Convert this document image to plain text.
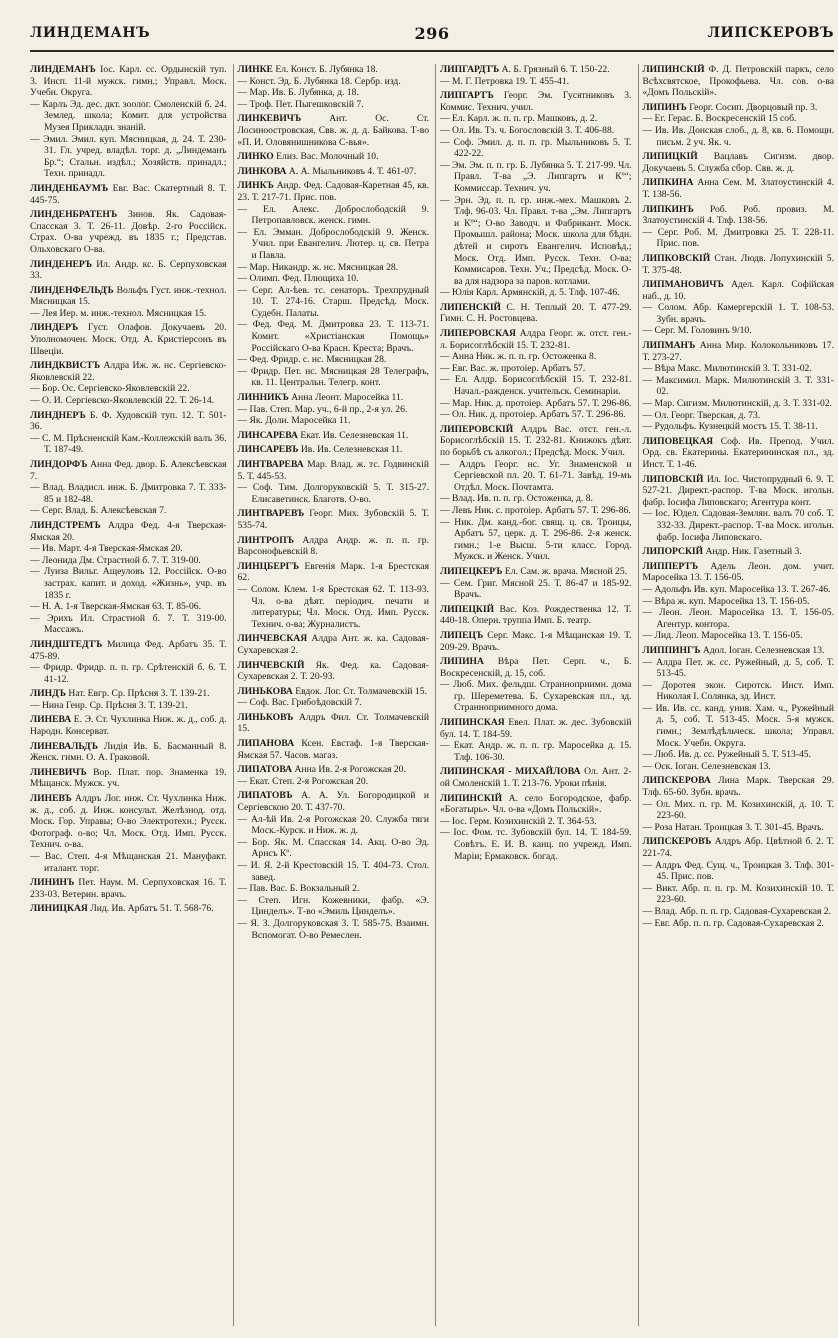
ЛИНДЕМАНЪ	296	ЛИПСКЕРОВЪ
ЛИНДЕМАНЪ Іос. Карл. сс. Ордынскій туп. 3. Инсп. 11-й мужск. гимн.; Управл. Моск. Учебн. Округа.
— Карлъ Эд. дес. дкт. зоолог. Смоленскій б. 24. Землед. школа; Комит. для устройства Музея Прикладн. знаній.
— Эмил. Эмил. куп. Мясницкая, д. 24. Т. 230-31. Гл. учред. владѣл. торг. д. „Линдеманъ Бр.“; Стальн. издѣл.; Хозяйств. принадл.; Техн. принадл.
ЛИНДЕНБАУМЪ Евг. Вас. Скатертный 8. Т. 445-75.
ЛИНДЕНБРАТЕНЪ Зинов. Як. Садовая-Спасская 3. Т. 26-11. Довѣр. 2-го Россійск. Страх. О-ва учрежд. въ 1835 г.; Представ. Ольховскаго О-ва.
ЛИНДЕНЕРЪ Ил. Андр. кс. Б. Серпуховская 33.
ЛИНДЕНФЕЛЬДЪ Вольфъ Густ. инж.-технол. Мясницкая 15.
— Лея Иер. м. инж.-технол. Мясницкая 15.
ЛИНДЕРЪ Густ. Олафов. Докучаевъ 20. Уполномочен. Моск. Отд. А. Кристіерсонъ въ Швеціи.
ЛИНДКВИСТЪ Алдра Иж. ж. нс. Сергіевско-Яковлевскій 22.
— Бор. Ос. Сергіевско-Яковлевскій 22.
— О. И. Сергіевско-Яковлевскій 22. Т. 26-14.
ЛИНДНЕРЪ Б. Ф. Худовскій туп. 12. Т. 501-36.
— С. М. Прѣсненскій Кам.-Коллежскій валъ 36. Т. 187-49.
ЛИНДОРФЪ Анна Фед. двор. Б. Алексѣевская 7.
— Влад. Владисл. инж. Б. Дмитровка 7. Т. 333-85 и 182-48.
— Серг. Влад. Б. Алексѣевская 7.
ЛИНДСТРЕМЪ Алдра Фед. 4-я Тверская-Ямская 20.
— Ив. Март. 4-я Тверская-Ямская 20.
— Леонида Дм. Страстной б. 7. Т. 319-00.
— Луиза Вильг. Ащеуловъ 12. Россійск. О-во застрах. капит. и доход. «Жизнь», учр. въ 1835 г.
— Н. А. 1-я Тверская-Ямская 63. Т. 85-06.
— Эрихъ Ил. Страстной б. 7. Т. 319-00. Массажъ.
ЛИНДШТЕДТЪ Милица Фед. Арбатъ 35. Т. 475-89.
— Фридр. Фридр. п. п. гр. Срѣтенскій б. 6. Т. 41-12.
ЛИНДЪ Нат. Евгр. Ср. Прѣсня 3. Т. 139-21.
— Нина Генр. Ср. Прѣсня 3. Т. 139-21.
ЛИНЕВА Е. Э. Ст. Чухлинка Ниж. ж. д., соб. д. Народн. Консерват.
ЛИНЕВАЛЬДЪ Лидія Ив. Б. Басманный 8. Женск. гимн. О. А. Граковой.
ЛИНЕВИЧЪ Вор. Плат. пор. Знаменка 19. Мѣщанск. Мужск. уч.
ЛИНЕВЪ Алдръ Лог. инж. Ст. Чухлинка Ниж. ж. д., соб. д. Инж. консульт. Желѣзнод. отд. Моск. Гор. Управы; О-во Электротехн.; Русск. Фотограф. о-во; Чл. Моск. Отд. Имп. Русск. Технич. о-ва.
— Вас. Степ. 4-я Мѣщанская 21. Мануфакт. италант. торг.
ЛИНИНЪ Пет. Наум. М. Серпуховская 16. Т. 233-03. Ветерин. врачъ.
ЛИНИЦКАЯ Лид. Ив. Арбатъ 51. Т. 568-76.
ЛИНКЕ Ел. Конст. Б. Лубянка 18.
— Конст. Эд. Б. Лубянка 18. Сербр. изд.
— Мар. Ив. Б. Лубянка, д. 18.
— Троф. Пет. Пыгешковскій 7.
ЛИНКЕВИЧЪ	Ант. Ос. Ст. Лосиноостровская, Свв. ж. д. д. Байкова. Т-во «П. И. Оловянишникова С-вья».
ЛИНКО Елиз. Вас. Молочный 10.
ЛИНКОВА А. А. Мыльниковъ 4. Т. 461-07.
ЛИНКЪ Андр. Фед. Садовая-Каретная 45, кв. 23. Т. 217-71. Прис. пов.
— Ел. Алекс. Доброслободскій 9. Петропавловск. женск. гимн.
— Ел. Эмман. Доброслободскій 9. Женск. Учил. при Евангелич. Лютер. ц. св. Петра и Павла.
— Мар. Никандр. ж. нс. Мясницкая 28.
— Олимп. Фед. Плющиха 10.
— Серг. Ал-ѣев. тс. сенаторъ. Трехпрудный 10. Т. 274-16. Старш. Предсѣд. Моск. Судебн. Палаты.
— Фед. Фед. М. Дмитровка 23. Т. 113-71. Комит. «Христіанская Помощь» Россійскаго О-ва Красн. Креста; Врачъ.
— Фед. Фридр. с. нс. Мясницкая 28.
— Фридр. Пет. нс. Мясницкая 28 Телеграфъ, кв. 11. Центральн. Телегр. конт.
ЛИННИКЪ Анна Леонт. Маросейка 11.
— Пав. Степ. Мар. уч., 6-й пр., 2-я ул. 26.
— Як. Доли. Маросейка 11.
ЛИНСАРЕВА Екат. Ив. Селезневская 11.
ЛИНСАРЕВЪ Ив. Ив. Селезневская 11.
ЛИНТВАРЕВА Мар. Влад. ж. тс. Годвинскій 5. Т. 445-53.
— Соф. Тим. Долгоруковскій 5. Т. 315-27. Елисаветинск. Благотв. О-во.
ЛИНТВАРЕВЪ Георг. Мих. Зубовскій 5. Т. 535-74.
ЛИНТРОПЪ Алдра Андр. ж. п. п. гр. Варсонофьевскій 8.
ЛИНЦБЕРГЪ Евгенія Марк. 1-я Брестская 62.
— Солом. Клем. 1-я Брестская 62. Т. 113-93. Чл. о-ва дѣят. періодич. печати и литературы; Чл. Моск. Отд. Имп. Русск. Технич. о-ва; Журналистъ.
ЛИНЧЕВСКАЯ Алдра Ант. ж. ка. Садовая-Сухаревская 2.
ЛИНЧЕВСКІЙ Як. Фед. ка. Садовая-Сухаревская 2. Т. 20-93.
ЛИНЬКОВА Евдок. Лог. Ст. Толмачевскій 15.
— Соф. Вас. Грибоѣдовскій 7.
ЛИНЬКОВЪ Алдръ Фил. Ст. Толмачевскій 15.
ЛИПАНОВА Ксен. Евстаф. 1-я Тверская-Ямская 57. Часов. магаз.
ЛИПАТОВА Анна Ив. 2-я Рогожская 20.
— Екат. Степ. 2-я Рогожская 20.
ЛИПАТОВЪ А. А. Ул. Богородицкой и Сергіевскою 20. Т. 437-70.
— Ал-ѣй Ив. 2-я Рогожская 20. Служба тяги Моск.-Курск. и Ниж. ж. д.
— Бор. Як. М. Спасская 14. Акц. О-во Эд. Арнсъ Кº.
— И. Я. 2-й Крестовскій 15. Т. 404-73. Стол. завед.
— Пав. Вас. Б. Вокзальный 2.
— Степ. Игн. Кожевники, фабр. «Э. Цинделъ». Т-во «Эмиль Цинделъ».
— Я. З. Долгоруковская 3. Т. 585-75. Взаимн. Вспомогат. О-во Ремеслен.
ЛИПГАРДТЪ А. Б. Грязный 6. Т. 150-22.
— М. Г. Петровка 19. Т. 455-41.
ЛИПГАРТЪ Георг. Эм. Гусятниковъ 3. Коммис. Технич. учил.
— Ел. Карл. ж. п. п. гр. Машковъ, д. 2.
— Ол. Ив. Тз. ч. Богословскій 3. Т. 406-88.
— Соф. Эмил. д. п. п. гр. Мыльниковъ 5. Т. 422-22.
— Эм. Эм. п. п. гр. Б. Лубянка 5. Т. 217-99. Чл. Правл. Т-ва „Э. Липгартъ и Кº“; Коммиссар. Технич. уч.
— Эрн. Эд. п. п. гр. инж.-мех. Машковъ 2. Тлф. 96-03. Чл. Правл. т-ва „Эм. Липгартъ и Кº“; О-во Заводч. и Фабрикант. Моск. Промышл. района; Моск. школа для бѣдн. дѣтей и сиротъ Евангелич. Исповѣд.; Моск. Отд. Имп. Русск. Техн. О-ва; Коммисаров. Техн. Уч.; Предсѣд. Моск. О-ва для надзора за паров. котлами.
— Юлія Карл. Армянскій, д. 5. Тлф. 107-46.
ЛИПЕНСКІЙ С. Н. Теплый 20. Т. 477-29. Гимн. С. Н. Ростовцева.
ЛИПЕРОВСКАЯ Алдра Георг. ж. отст. ген.-л. Борисоглѣбскій 15. Т. 232-81.
— Анна Ник. ж. п. п. гр. Остоженка 8.
— Евг. Вас. ж. протоіер. Арбатъ 57.
— Ел. Алдр. Борисоглѣбскій 15. Т. 232-81. Начал.-ражденск. учительск. Семинаріи.
— Мар. Ник. д. протоіер. Арбатъ 57. Т. 296-86.
— Ол. Ник. д. протоіер. Арбатъ 57. Т. 296-86.
ЛИПЕРОВСКІЙ Алдръ Вас. отст. ген.-л. Борисоглѣбскій 15. Т. 232-81. Книжокъ дѣят. по борьбѣ съ алкогол.; Предсѣд. Моск. Учил.
— Алдръ Георг. нс. Уг. Знаменской и Сергіевской пл. 20. Т. 61-71. Завѣд. 19-мъ Отдѣл. Моск. Почтамта.
— Влад. Ив. п. п. гр. Остоженка, д. 8.
— Левъ Ник. с. протоіер. Арбатъ 57. Т. 296-86.
— Ник. Дм. канд.-бог. свящ. ц. св. Троицы, Арбатъ 57, церк. д. Т. 296-86. 2-я женск. гимн.; 1-е Высш. 5-ти класс. Город. Мужск. и Женск. Учил.
ЛИПЕЦКЕРЪ Ел. Сам. ж. врача. Мясной 25.
— Сем. Григ. Мясной 25. Т. 86-47 и 185-92. Врачъ.
ЛИПЕЦКІЙ Вас. Коз. Рождественка 12. Т. 440-18. Оперн. труппа Имп. Б. театр.
ЛИПЕЦЪ Серг. Макс. 1-я Мѣщанская 19. Т. 209-29. Врачъ.
ЛИПИНА Вѣра Пет. Серп. ч., Б. Воскресенскій, д. 15, соб.
— Люб. Мих. фельдш. Странноприимн. дома гр. Шереметева. Б. Сухаревская пл., зд. Странноприимного дома.
ЛИПИНСКАЯ Евел. Плат. ж. дес. Зубовскій бул. 14. Т. 184-59.
— Екат. Андр. ж. п. п. гр. Маросейка д. 15. Тлф. 106-30.
ЛИПИНСКАЯ - МИХАЙЛОВА Ол. Ант. 2-ой Смоленскій 1. Т. 213-76. Уроки пѣнія.
ЛИПИНСКІЙ А. село Богородское, фабр. «Богатырь». Чл. о-ва «Домъ Польскій».
— Іос. Герм. Козихинскій 2. Т. 364-53.
— Іос. Фом. тс. Зубовскій бул. 14. Т. 184-59. Совѣтъ. Е. И. В. канц. по учрежд. Имп. Маріи; Ермаковск. богад.
ЛИПИНСКІЙ Ф. Д. Петровскій паркъ, село Всѣхсвятское, Прокофьева. Чл. сов. о-ва «Домъ Польскій».
ЛИПИНЪ Георг. Сосип. Дворцовый пр. 3.
— Ег. Герас. Б. Воскресенскій 15 соб.
— Ив. Ив. Донская слоб., д. 8, кв. 6. Помощн. письм. 2 уч. Як. ч.
ЛИПИЦКІЙ Вацлавъ Сигизм. двор. Докучаевъ 5. Служба сбор. Свв. ж. д.
ЛИПКИНА Анна Сем. М. Златоустинскій 4. Т. 138-56.
ЛИПКИНЪ Роб. Роб. провиз. М. Златоустинскій 4. Тлф. 138-56.
— Серг. Роб. М. Дмитровка 25. Т. 228-11. Прис. пов.
ЛИПКОВСКІЙ Стан. Людв. Лопухинскій 5. Т. 375-48.
ЛИПМАНОВИЧЪ Адел. Карл. Софійская наб., д. 10.
— Солом. Абр. Камергерскій 1. Т. 108-53. Зубн. врачъ.
— Серг. М. Головинъ 9/10.
ЛИПМАНЪ Анна Мир. Колокольниковъ 17. Т. 273-27.
— Вѣра Макс. Милютинскій 3. Т. 331-02.
— Максимил. Марк. Милютинскій 3. Т. 331-02.
— Мар. Сигизм. Милютинскій, д. 3. Т. 331-02.
— Ол. Георг. Тверская, д. 73.
— Рудольфъ. Кузнецкій мостъ 15. Т. 38-11.
ЛИПОВЕЦКАЯ Соф. Ив. Препод. Учил. Орд. св. Екатерины. Екатерининская пл., зд. Инст. Т. 1-46.
ЛИПОВСКІЙ Ил. Іос. Чистопрудный 6. 9. Т. 527-21. Директ.-распор. Т-ва Моск. игольн. фабр. Іосифа Липовскаго; Агентура конт.
— Іос. Юдел. Садовая-Землян. валъ 70 соб. Т. 332-33. Директ.-распор. Т-ва Моск. игольн. фабр. Іосифа Липовскаго.
ЛИПОРСКІЙ Андр. Ник. Газетный 3.
ЛИППЕРТЪ Адель Леон. дом. учит. Маросейка 13. Т. 156-05.
— Адольфъ Ив. куп. Маросейка 13. Т. 267-46.
— Вѣра ж. куп. Маросейка 13. Т. 156-05.
— Леон. Леон. Маросейка 13. Т. 156-05. Агентур. контора.
— Лид. Леоп. Маросейка 13. Т. 156-05.
ЛИППИНГЪ Адол. Іоган. Селезневская 13.
— Алдра Пет. ж. сс. Ружейный, д. 5, соб. Т. 513-45.
— Доротея экон. Сиротск. Инст. Имп. Николая I. Солянка, зд. Инст.
— Ив. Ив. сс. канд. унив. Хам. ч., Ружейный д. 5, соб. Т. 513-45. Моск. 5-я мужск. гимн.; Землѣдѣльческ. школа; Управл. Моск. Учебн. Округа.
— Люб. Ив. д. сс. Ружейный 5. Т. 513-45.
— Оск. Іоган. Селезневская 13.
ЛИПСКЕРОВА Лина Марк. Тверская 29. Тлф. 65-60. Зубн. врачъ.
— Ол. Мих. п. гр. М. Козихинскій, д. 10. Т. 223-60.
— Роза Натан. Троицкая 3. Т. 301-45. Врачъ.
ЛИПСКЕРОВЪ Алдръ Абр. Цвѣтной б. 2. Т. 221-74.
— Алдръ Фед. Сущ. ч., Троицкая 3. Тлф. 301-45. Прис. пов.
— Викт. Абр. п. п. гр. М. Козихинскій 10. Т. 223-60.
— Влад. Абр. п. п. гр. Садовая-Сухаревская 2.
— Евг. Абр. п. п. гр. Садовая-Сухаревская 2.
